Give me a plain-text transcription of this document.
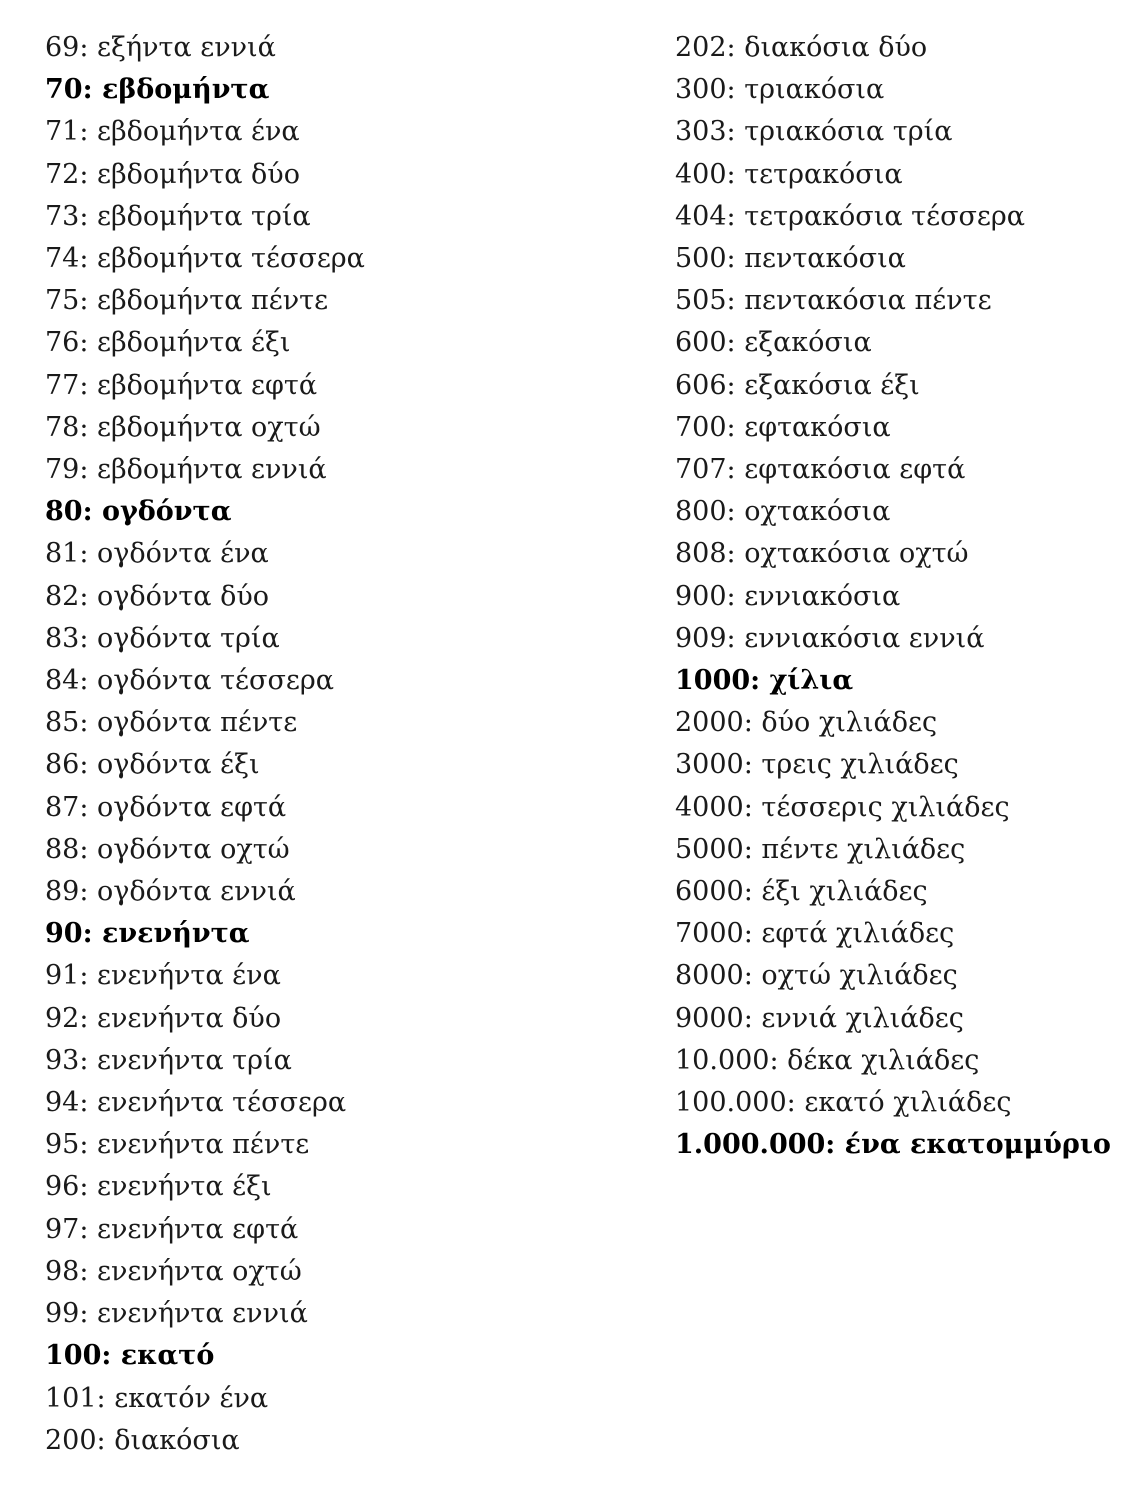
69: εξήντα εννιά
70: εβδομήντα
71: εβδομήντα ένα
72: εβδομήντα δύο
73: εβδομήντα τρία
74: εβδομήντα τέσσερα
75: εβδομήντα πέντε
76: εβδομήντα έξι
77: εβδομήντα εφτά
78: εβδομήντα οχτώ
79: εβδομήντα εννιά
80: ογδόντα
81: ογδόντα ένα
82: ογδόντα δύο
83: ογδόντα τρία
84: ογδόντα τέσσερα
85: ογδόντα πέντε
86: ογδόντα έξι
87: ογδόντα εφτά
88: ογδόντα οχτώ
89: ογδόντα εννιά
90: ενενήντα
91: ενενήντα ένα
92: ενενήντα δύο
93: ενενήντα τρία
94: ενενήντα τέσσερα
95: ενενήντα πέντε
96: ενενήντα έξι
97: ενενήντα εφτά
98: ενενήντα οχτώ
99: ενενήντα εννιά
100: εκατό
101: εκατόν ένα
200: διακόσια
202: διακόσια δύο
300: τριακόσια
303: τριακόσια τρία
400: τετρακόσια
404: τετρακόσια τέσσερα
500: πεντακόσια
505: πεντακόσια πέντε
600: εξακόσια
606: εξακόσια έξι
700: εφτακόσια
707: εφτακόσια εφτά
800: οχτακόσια
808: οχτακόσια οχτώ
900: εννιακόσια
909: εννιακόσια εννιά
1000: χίλια
2000: δύο χιλιάδες
3000: τρεις χιλιάδες
4000: τέσσερις χιλιάδες
5000: πέντε χιλιάδες
6000: έξι χιλιάδες
7000: εφτά χιλιάδες
8000: οχτώ χιλιάδες
9000: εννιά χιλιάδες
10.000: δέκα χιλιάδες
100.000: εκατό χιλιάδες
1.000.000: ένα εκατομμύριο
